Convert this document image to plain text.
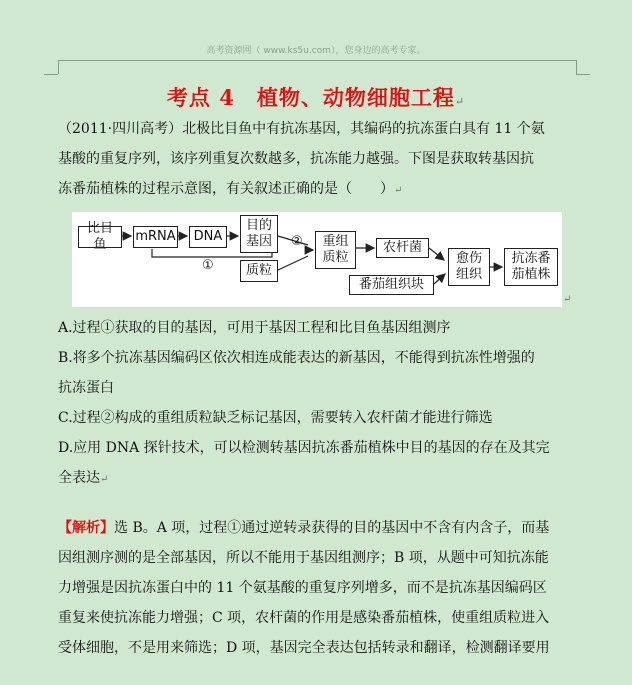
高考资源网（ www.ks5u.com），您身边的高考专家。
考点 4　植物、动物细胞工程↵
（2011·四川高考）北极比目鱼中有抗冻基因，其编码的抗冻蛋白具有 11 个氨
基酸的重复序列，该序列重复次数越多，抗冻能力越强。下图是获取转基因抗
冻番茄植株的过程示意图，有关叙述正确的是（　　）↵
比目鱼
mRNA	DNA
目的
基因
质粒
①
② 重组
质粒
农杆菌
番茄组织块
愈伤
组织
抗冻番
茄植株
↵
A.过程①获取的目的基因，可用于基因工程和比目鱼基因组测序
B.将多个抗冻基因编码区依次相连成能表达的新基因，不能得到抗冻性增强的
抗冻蛋白
C.过程②构成的重组质粒缺乏标记基因，需要转入农杆菌才能进行筛选
D.应用 DNA 探针技术，可以检测转基因抗冻番茄植株中目的基因的存在及其完
全表达↵
【解析】选 B。A 项，过程①通过逆转录获得的目的基因中不含有内含子，而基
因组测序测的是全部基因，所以不能用于基因组测序；B 项，从题中可知抗冻能
力增强是因抗冻蛋白中的 11 个氨基酸的重复序列增多，而不是抗冻基因编码区
重复来使抗冻能力增强；C 项，农杆菌的作用是感染番茄植株，使重组质粒进入
受体细胞，不是用来筛选；D 项，基因完全表达包括转录和翻译，检测翻译要用
